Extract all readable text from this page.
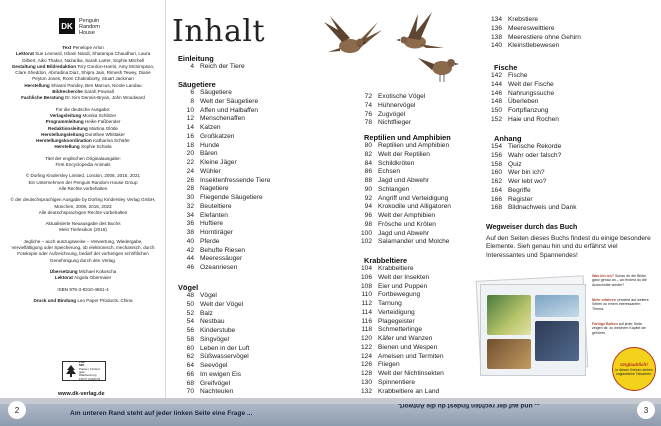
DK
Penguin
Random
House

Text Penelope Arlon

Lektorat Sue Leonard, Ishani Nandi, Shatarupa Chaudhuri, Laura Gilbert, Aiko Thakur, Nazarika, Sarah Larter, Sophie Mitchell

Gestaltung und Bildredaktion Tory Gordon-Harris, Amy McSimpson, Clare Sheddon, Abrradina Diaz, Shipra Jain, Rimesh Tewey, Diane Peyton Jones, Romi Chakraborty, Stuart Jackman

Herstellung Shivani Pandey, Ben Marcus, Nicole Landau

Bildrecherche Sarah Pownall

Fachliche Beratung Dr. Kim Dennis-Bryan, John Woodward

Für die deutsche Ausgabe:

Verlagsleitung Monika Schlitzer

Programmleitung Heike Faßbender

Redaktionsleitung Martina Glöde

Herstellungsleitung Dorothee Whittaker

Herstellungskoordination Katharina Schäfer

Herstellung Sophie Schiela

Titel der englischen Originalausgabe:

First Encyclopedia Animals

© Dorling Kindersley Limited, London, 2006, 2015, 2021

Ein Unternehmen der Penguin Random House Group

Alle Rechte vorbehalten

© der deutschsprachigen Ausgabe by Dorling Kindersley Verlag GmbH, München, 2006, 2016, 2023

Alle deutschsprachigen Rechte vorbehalten

Aktualisierte Neuausgabe des Buchs

Mein Tierlexikon (2016)

Jegliche – auch auszugsweise – Verwertung, Wiedergabe, Vervielfältigung oder Speicherung, ob elektronisch, mechanisch, durch Fotokopie oder Aufzeichnung, bedarf der vorherigen schriftlichen Genehmigung durch den Verlag.

Übersetzung Michael Kokoscha

Lektorat Angela Obermaier

ISBN 978-3-8310-4661-4

Druck und Bindung Leo Paper Products, China

FSC
MIX
Papier | Fördert
gute Waldnutzung
FSC® C018179
www.dk-verlag.de
Inhalt
Einleitung
4 Reich der Tiere
Säugetiere
6 Säugetiere
8 Welt der Säugetiere
10 Affen und Halbaffen
12 Menschenaffen
14 Katzen
16 Großkatzen
18 Hunde
20 Bären
22 Kleine Jäger
24 Wühler
26 Insektenfressende Tiere
28 Nagetiere
30 Fliegende Säugetiere
32 Beuteltiere
34 Elefanten
36 Huftiere
38 Horntiräger
40 Pferde
42 Behufte Riesen
44 Meeressäuger
46 Ozeanriesen
Vögel
48 Vögel
50 Welt der Vögel
52 Balz
54 Nestbau
56 Kinderstube
58 Singvögel
60 Leben in der Luft
62 Süßwasservögel
64 Seevögel
66 Im ewigen Eis
68 Greifvögel
70 Nachteulen
72 Exotische Vögel
74 Hühnervögel
76 Zugvögel
78 Nichtflieger
Reptilien und Amphibien
80 Reptilien und Amphibien
82 Welt der Reptilien
84 Schildkröten
86 Echsen
88 Jagd und Abwehr
90 Schlangen
92 Angriff und Verteidigung
94 Krokodile und Alligatoren
96 Welt der Amphibien
98 Frösche und Kröten
100 Jagd und Abwehr
102 Salamander und Molche
Krabbeltiere
104 Krabbeltiere
106 Welt der Insekten
108 Eier und Puppen
110 Fortbewegung
112 Tarnung
114 Verteidigung
116 Plagegeister
118 Schmetterlinge
120 Käfer und Wanzen
122 Bienen und Wespen
124 Ameisen und Termiten
126 Fliegen
128 Welt der Nichtinsekten
130 Spinnentiere
132 Krabbeltiere an Land
134 Krebstiere
136 Meereswelttiere
138 Meerestiere ohne Gehirn
140 Kleinstlebewesen
Fische
142 Fische
144 Welt der Fische
146 Nahrungssuche
148 Überleben
150 Fortpflanzung
152 Haie und Rochen
Anhang
154 Tierische Rekorde
156 Wahr oder falsch?
158 Quiz
160 Wer bin ich?
162 Wer lebt wo?
164 Begriffe
166 Register
168 Bildnachweis und Dank
Wegweiser durch das Buch
Auf den Seiten dieses Buchs findest du einige besondere Elemente. Sieh genau hin und du erfährst viel Interessantes und Spannendes!
Was bin ich? Schau dir die Bilder ganz genau an – wo findest du die Ausschnitte wieder?
Mehr erfahren verweist auf weitere Seiten zu einem interessanten Thema.
Farbige Balken auf jeder Seite zeigen dir, zu welchem Kapitel sie gehören.
Unglaublich!
In diesen Kreisen stehen unglaubliche Tatsachen.
2	3
Am unteren Rand steht auf jeder linken Seite eine Frage ...
... und auf der rechten findest du die Antwort.
